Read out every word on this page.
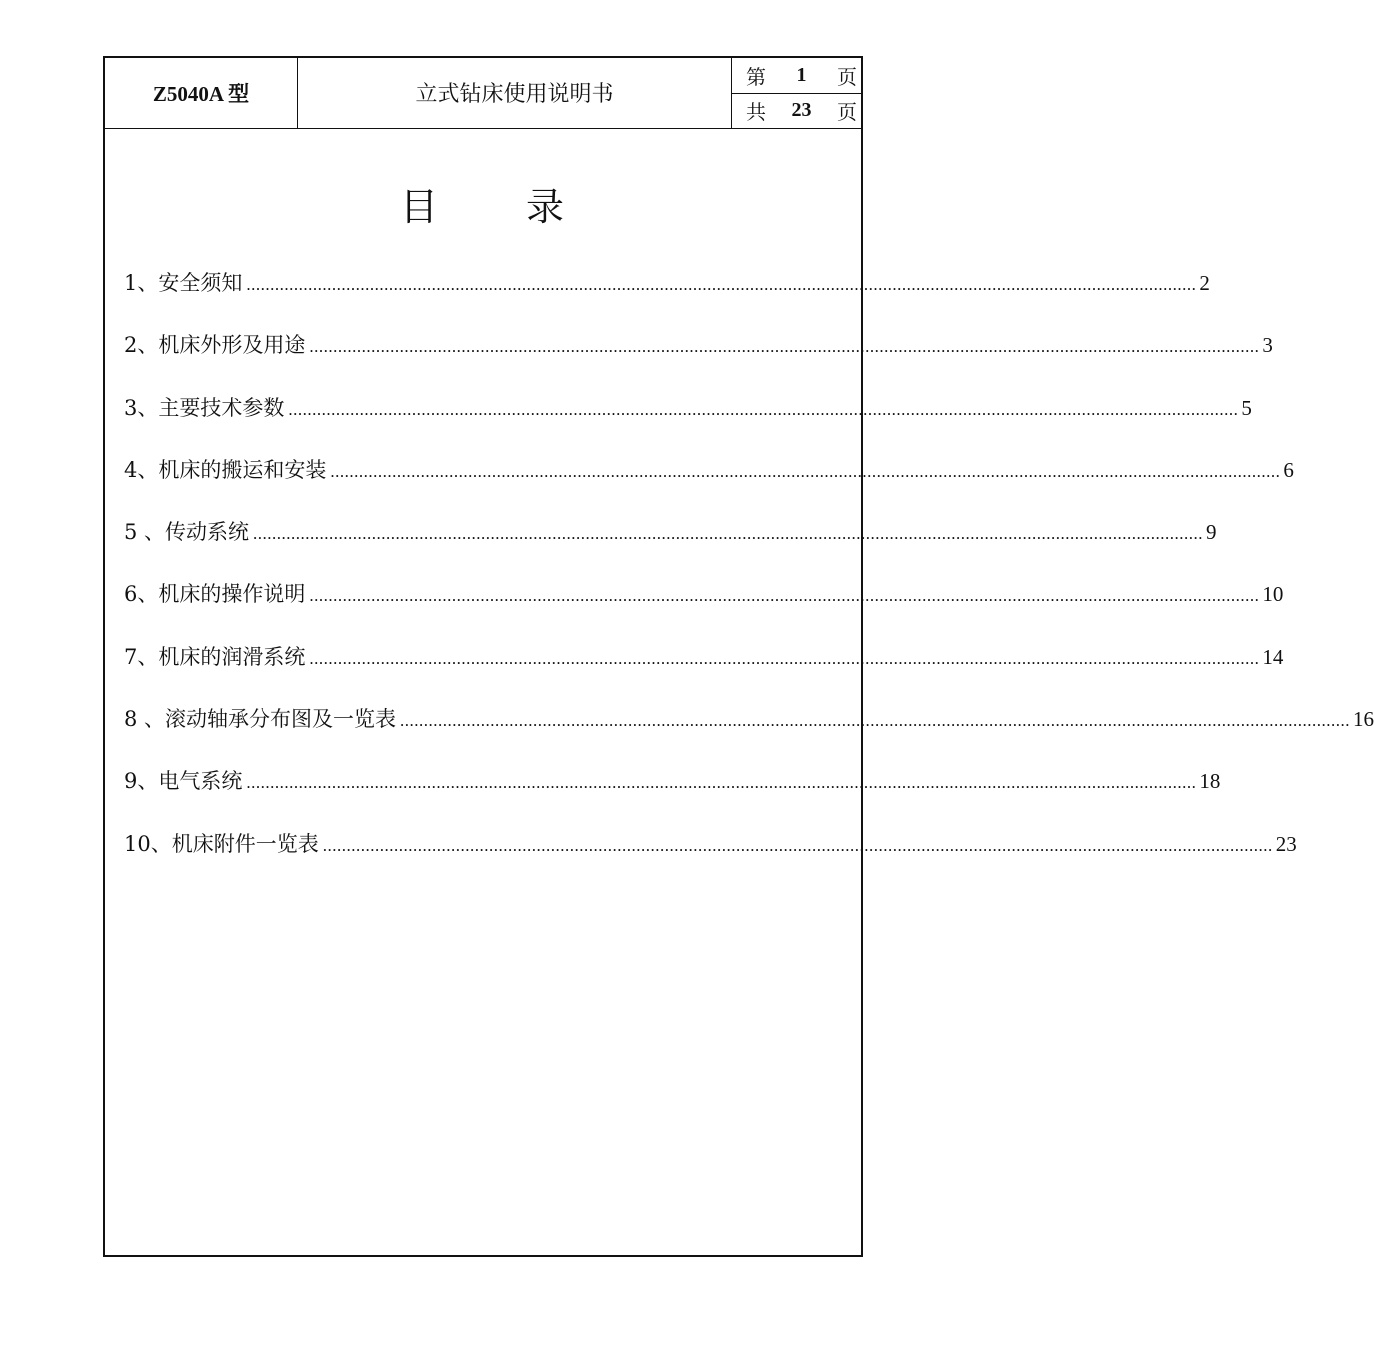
Z5040A 型	立式钻床使用说明书
第 1 页
共 23 页
目 录
1、安全须知 ........................................................................................................................................................................................................ 2
2、机床外形及用途 ........................................................................................................................................................................................................ 3
3、主要技术参数 ........................................................................................................................................................................................................ 5
4、机床的搬运和安装 ........................................................................................................................................................................................................ 6
5 、传动系统 ........................................................................................................................................................................................................ 9
6、机床的操作说明 ........................................................................................................................................................................................................ 10
7、机床的润滑系统 ........................................................................................................................................................................................................ 14
8 、滚动轴承分布图及一览表 ........................................................................................................................................................................................................ 16
9、电气系统 ........................................................................................................................................................................................................ 18
10、机床附件一览表 ........................................................................................................................................................................................................ 23
